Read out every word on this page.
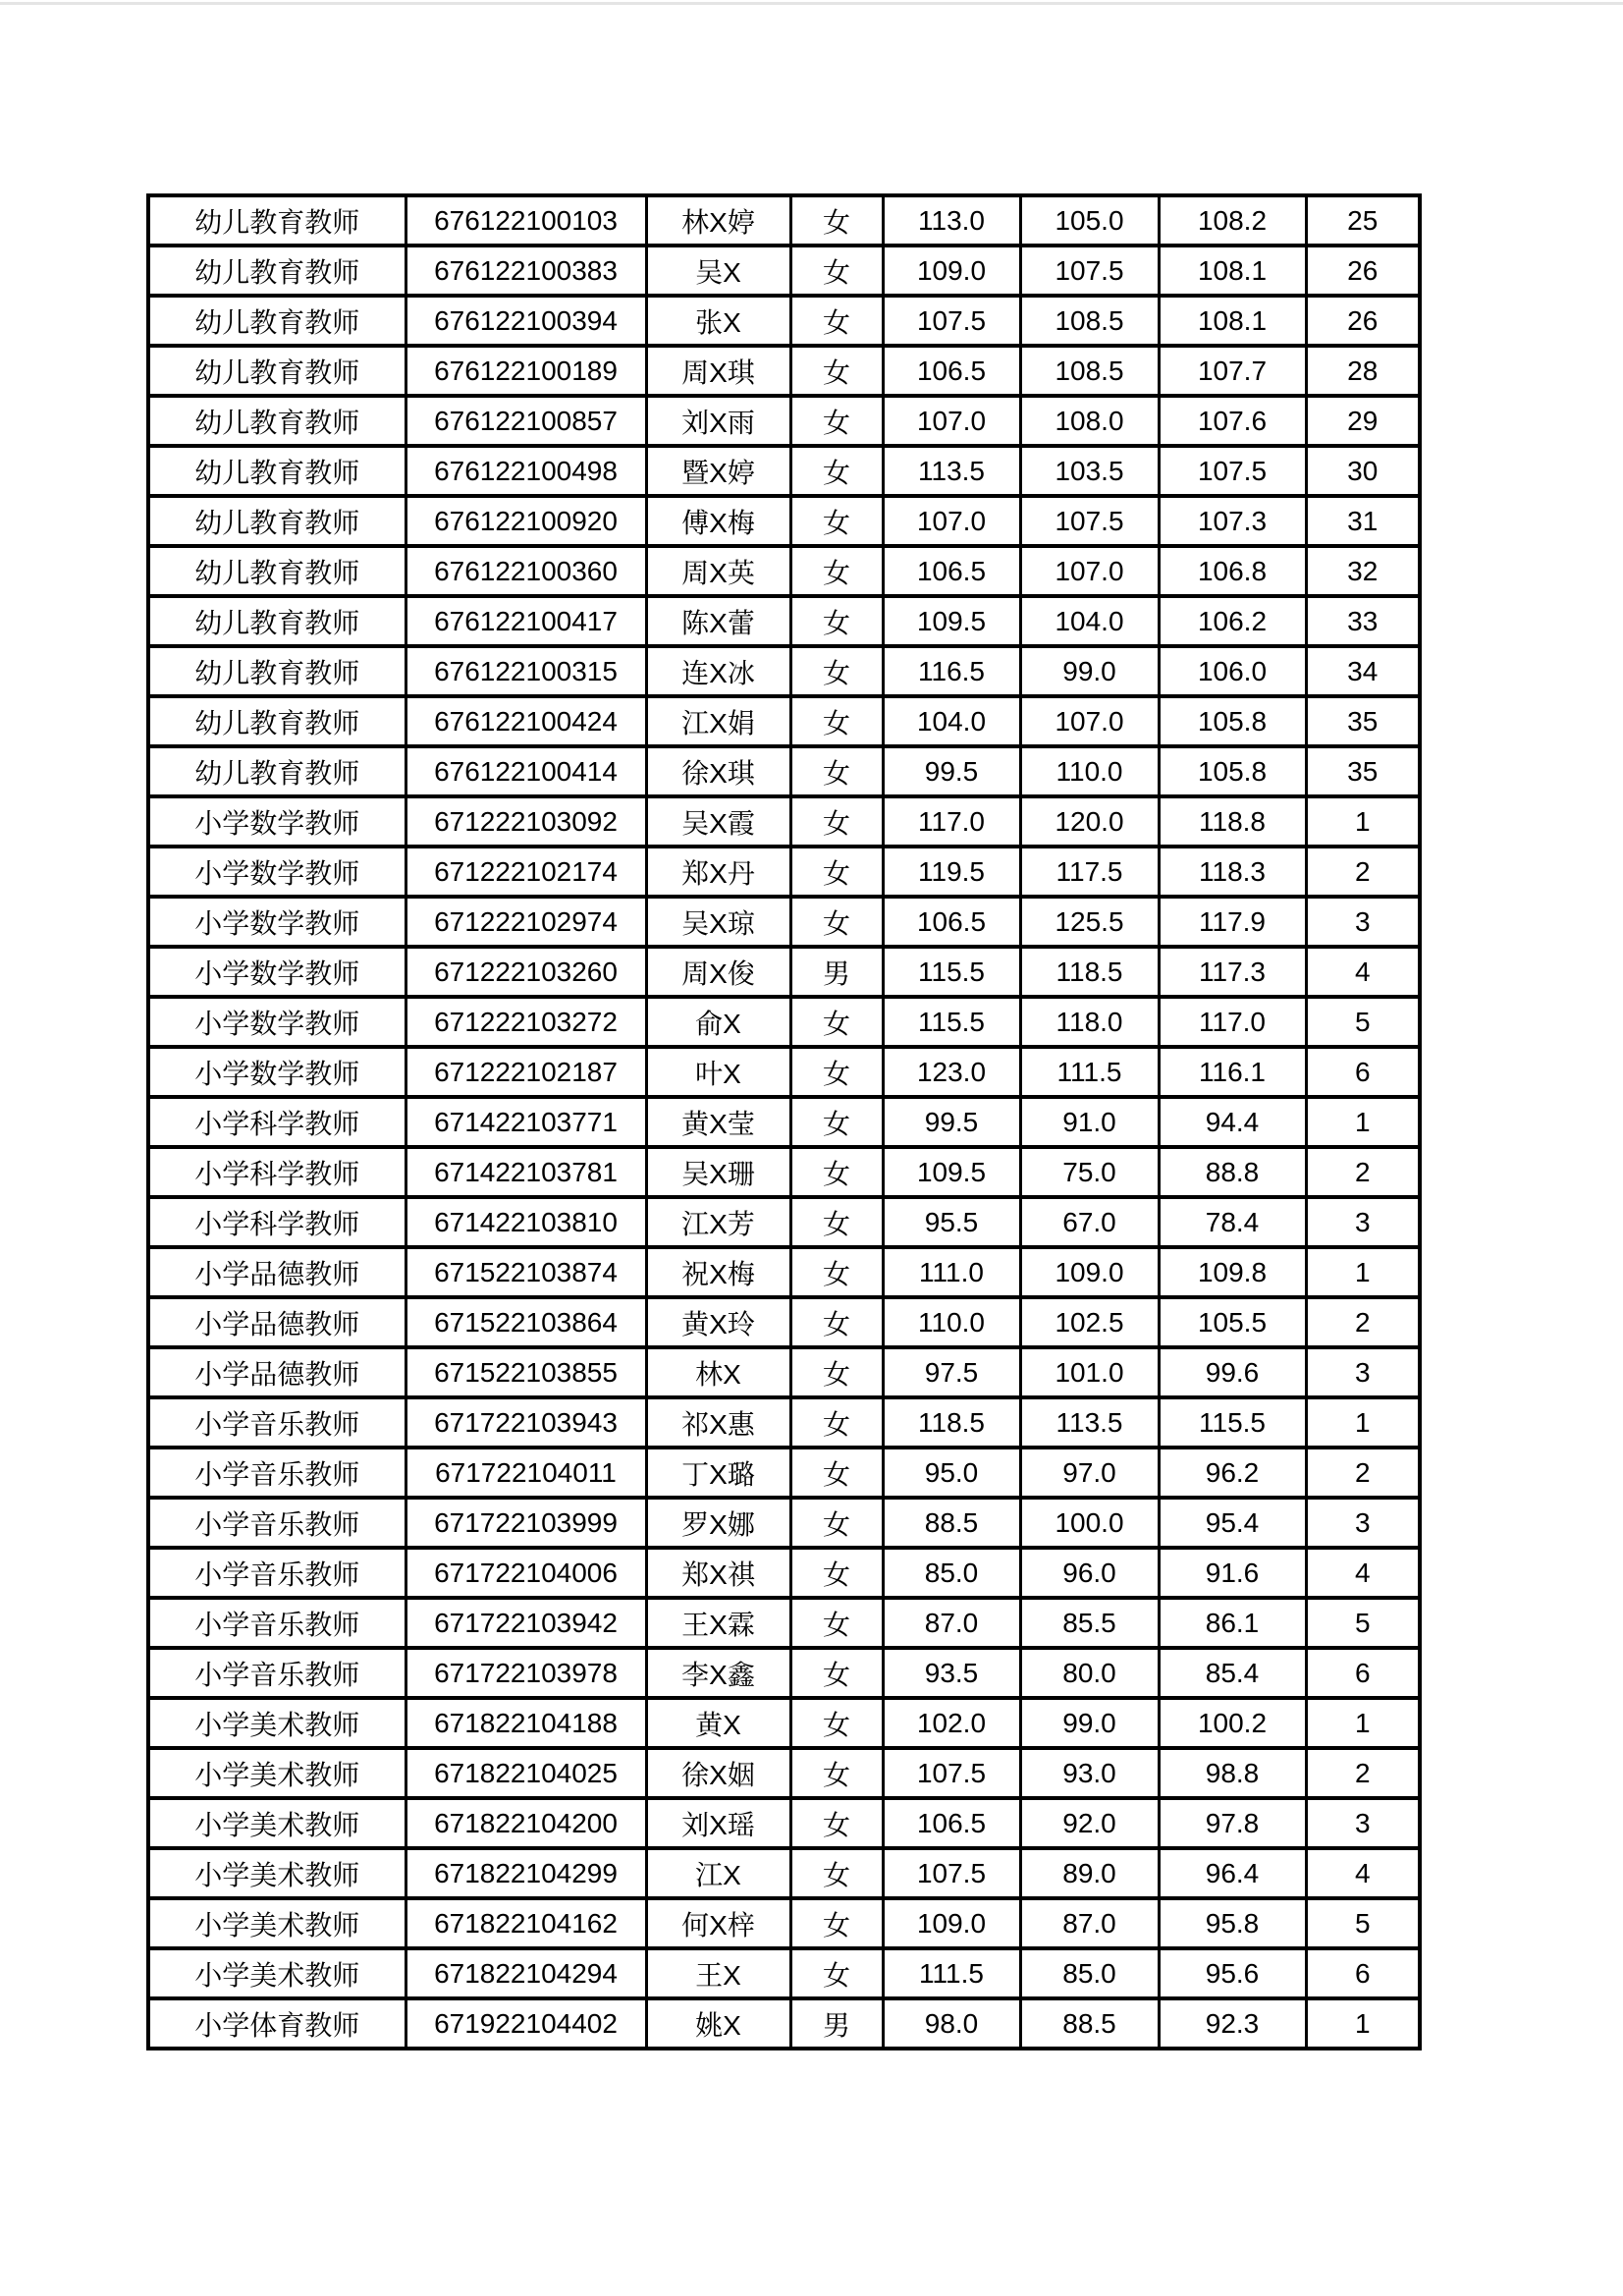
幼儿教育教师	676122100103	林X婷	女	113.0	105.0	108.2	25
幼儿教育教师	676122100383	吴X	女	109.0	107.5	108.1	26
幼儿教育教师	676122100394	张X	女	107.5	108.5	108.1	26
幼儿教育教师	676122100189	周X琪	女	106.5	108.5	107.7	28
幼儿教育教师	676122100857	刘X雨	女	107.0	108.0	107.6	29
幼儿教育教师	676122100498	暨X婷	女	113.5	103.5	107.5	30
幼儿教育教师	676122100920	傅X梅	女	107.0	107.5	107.3	31
幼儿教育教师	676122100360	周X英	女	106.5	107.0	106.8	32
幼儿教育教师	676122100417	陈X蕾	女	109.5	104.0	106.2	33
幼儿教育教师	676122100315	连X冰	女	116.5	99.0	106.0	34
幼儿教育教师	676122100424	江X娟	女	104.0	107.0	105.8	35
幼儿教育教师	676122100414	徐X琪	女	99.5	110.0	105.8	35
小学数学教师	671222103092	吴X霞	女	117.0	120.0	118.8	1
小学数学教师	671222102174	郑X丹	女	119.5	117.5	118.3	2
小学数学教师	671222102974	吴X琼	女	106.5	125.5	117.9	3
小学数学教师	671222103260	周X俊	男	115.5	118.5	117.3	4
小学数学教师	671222103272	俞X	女	115.5	118.0	117.0	5
小学数学教师	671222102187	叶X	女	123.0	111.5	116.1	6
小学科学教师	671422103771	黄X莹	女	99.5	91.0	94.4	1
小学科学教师	671422103781	吴X珊	女	109.5	75.0	88.8	2
小学科学教师	671422103810	江X芳	女	95.5	67.0	78.4	3
小学品德教师	671522103874	祝X梅	女	111.0	109.0	109.8	1
小学品德教师	671522103864	黄X玲	女	110.0	102.5	105.5	2
小学品德教师	671522103855	林X	女	97.5	101.0	99.6	3
小学音乐教师	671722103943	祁X惠	女	118.5	113.5	115.5	1
小学音乐教师	671722104011	丁X璐	女	95.0	97.0	96.2	2
小学音乐教师	671722103999	罗X娜	女	88.5	100.0	95.4	3
小学音乐教师	671722104006	郑X祺	女	85.0	96.0	91.6	4
小学音乐教师	671722103942	王X霖	女	87.0	85.5	86.1	5
小学音乐教师	671722103978	李X鑫	女	93.5	80.0	85.4	6
小学美术教师	671822104188	黄X	女	102.0	99.0	100.2	1
小学美术教师	671822104025	徐X姻	女	107.5	93.0	98.8	2
小学美术教师	671822104200	刘X瑶	女	106.5	92.0	97.8	3
小学美术教师	671822104299	江X	女	107.5	89.0	96.4	4
小学美术教师	671822104162	何X梓	女	109.0	87.0	95.8	5
小学美术教师	671822104294	王X	女	111.5	85.0	95.6	6
小学体育教师	671922104402	姚X	男	98.0	88.5	92.3	1
